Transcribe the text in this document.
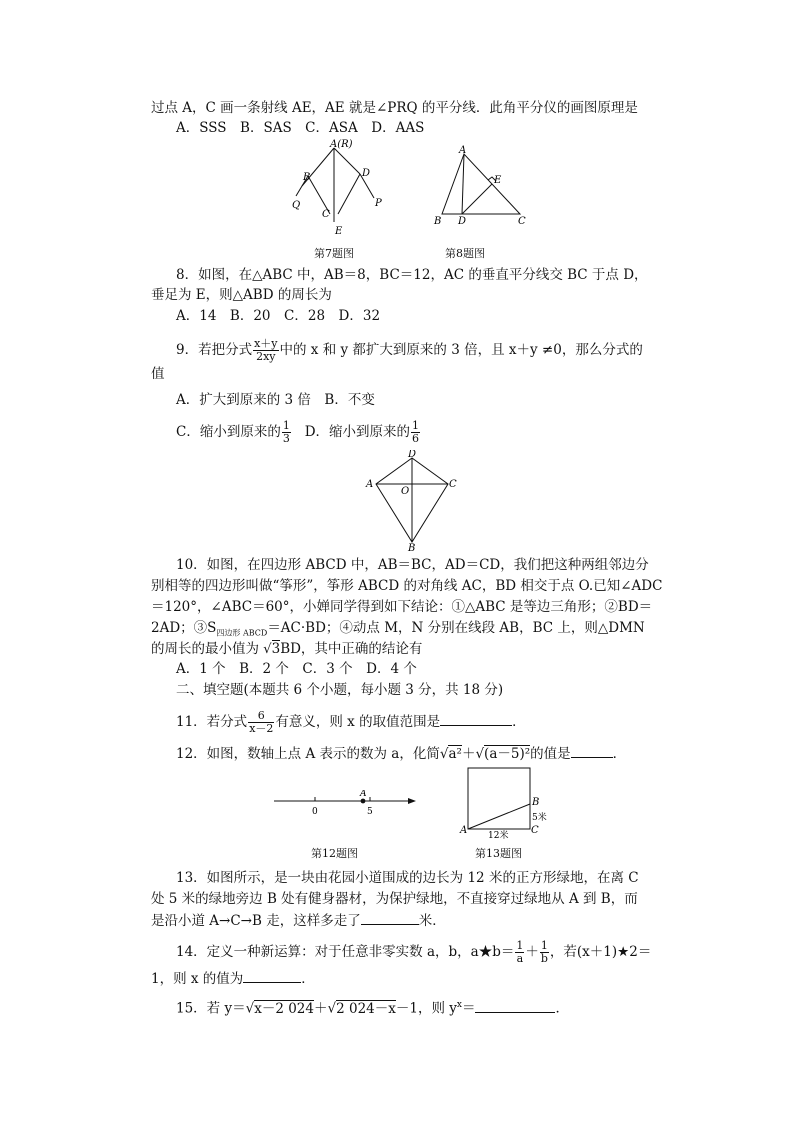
过点 A，C 画一条射线 AE，AE 就是∠PRQ 的平分线．此角平分仪的画图原理是
A．SSS　B．SAS　C．ASA　D．AAS
A(R)
B	D
Q	P
C
E
第7题图
A
E
B D	C
第8题图
8．如图，在△ABC 中，AB＝8，BC＝12，AC 的垂直平分线交 BC 于点 D，
垂足为 E，则△ABD 的周长为
A．14　B．20　C．28　D．32
9．若把分式 $\frac{x+y}{2xy}$ 中的 x 和 y 都扩大到原来的 3 倍，且 x＋y ≠0，那么分式的
值
A．扩大到原来的 3 倍　B．不变
C．缩小到原来的 $\frac{1}{3}$ D．缩小到原来的 $\frac{1}{6}$
D
A
O
C
B
10．如图，在四边形 ABCD 中，AB＝BC，AD＝CD，我们把这种两组邻边分
别相等的四边形叫做“筝形”，筝形 ABCD 的对角线 AC，BD 相交于点 O.已知∠ADC
＝120°，∠ABC＝60°，小婵同学得到如下结论：①△ABC 是等边三角形；②BD＝
2AD；$③S_{四边形 ABCD}=AC\cdot BD$；④动点 M，N 分别在线段 AB，BC 上，则△DMN
的周长的最小值为 √3BD，其中正确的结论有
A．1 个　B．2 个　C．3 个　D．4 个
二、填空题(本题共 6 个小题，每小题 3 分，共 18 分)
11．若分式 $\frac{6}{x-2}$ 有意义，则 x 的取值范围是	．
12．如图，数轴上点 A 表示的数为 a，化简√a²＋√(a－5)²的值是	．
A
0	5
第12题图
B
5米
A	C
12米
第13题图
13．如图所示，是一块由花园小道围成的边长为 12 米的正方形绿地，在离 C
处 5 米的绿地旁边 B 处有健身器材，为保护绿地，不直接穿过绿地从 A 到 B，而
是沿小道 A→C→B 走，这样多走了	米．
14．定义一种新运算：对于任意非零实数 a，b，a★b＝ $\frac{1}{a} + \frac{1}{b}$ ，若(x＋1)★2＝
1，则 x 的值为	．
15．若 y＝√x－2 024＋√2 024－x－1，则 $y^x=$	．
